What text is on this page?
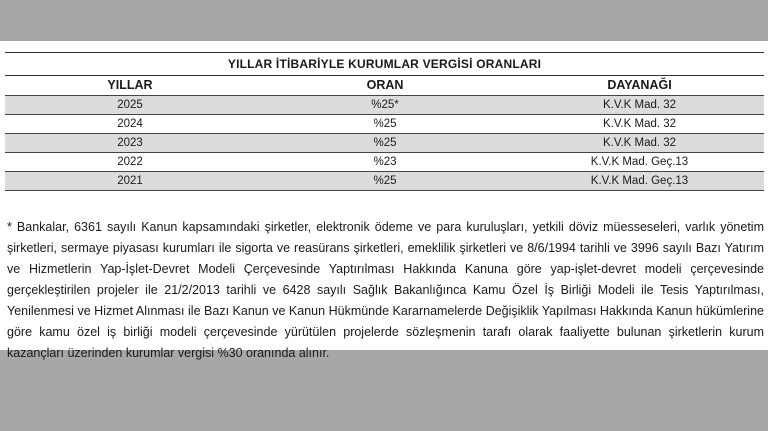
YILLAR İTİBARİYLE KURUMLAR VERGİSİ ORANLARI
YILLAR	ORAN	DAYANAĞI
2025	%25*	K.V.K Mad. 32
2024	%25	K.V.K Mad. 32
2023	%25	K.V.K Mad. 32
2022	%23	K.V.K Mad. Geç.13
2021	%25	K.V.K Mad. Geç.13

* Bankalar, 6361 sayılı Kanun kapsamındaki şirketler, elektronik ödeme ve para kuruluşları, yetkili döviz müesseseleri, varlık yönetim şirketleri, sermaye piyasası kurumları ile sigorta ve reasürans şirketleri, emeklilik şirketleri ve 8/6/1994 tarihli ve 3996 sayılı Bazı Yatırım ve Hizmetlerin Yap-İşlet-Devret Modeli Çerçevesinde Yaptırılması Hakkında Kanuna göre yap-işlet-devret modeli çerçevesinde gerçekleştirilen projeler ile 21/2/2013 tarihli ve 6428 sayılı Sağlık Bakanlığınca Kamu Özel İş Birliği Modeli ile Tesis Yaptırılması, Yenilenmesi ve Hizmet Alınması ile Bazı Kanun ve Kanun Hükmünde Kararnamelerde Değişiklik Yapılması Hakkında Kanun hükümlerine göre kamu özel iş birliği modeli çerçevesinde yürütülen projelerde sözleşmenin tarafı olarak faaliyette bulunan şirketlerin kurum kazançları üzerinden kurumlar vergisi %30 oranında alınır.
